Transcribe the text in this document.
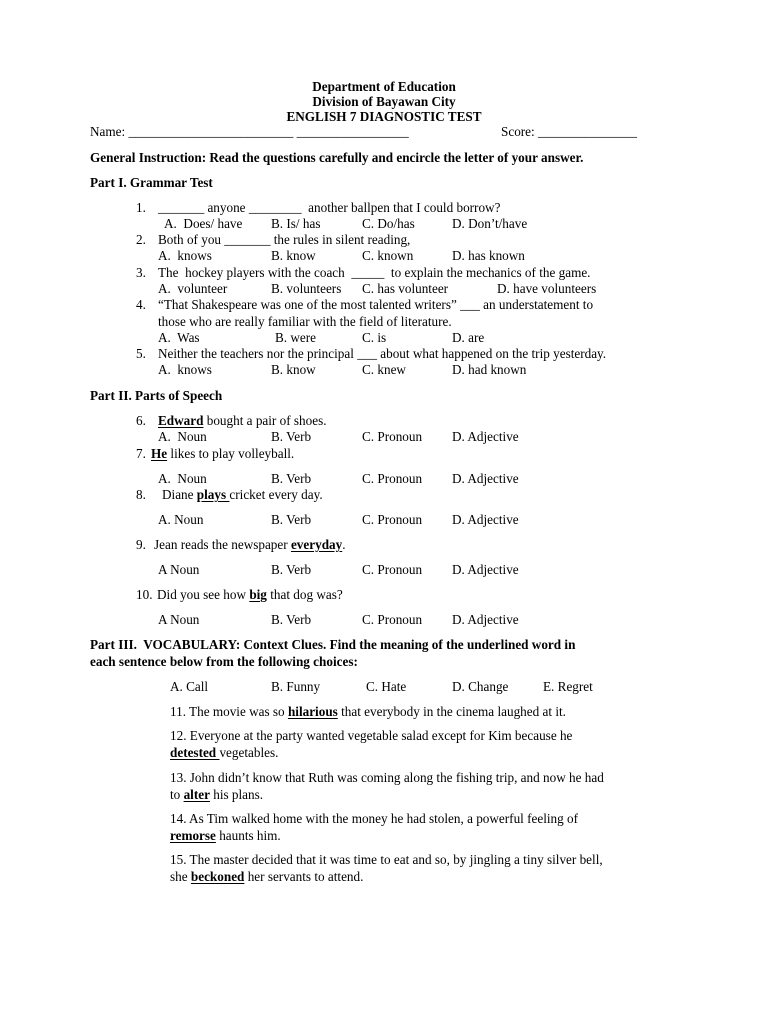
Department of Education
Division of Bayawan City
ENGLISH 7 DIAGNOSTIC TEST
Name: _________________________ _________________	Score: _______________
General Instruction: Read the questions carefully and encircle the letter of your answer.
Part I. Grammar Test
1. _______ anyone ________  another ballpen that I could borrow?
A.  Does/ have B. Is/ has	C. Do/has	D. Don’t/have
2. Both of you _______ the rules in silent reading,
A.  knows	B. know	C. known	D. has known
3. The  hockey players with the coach  _____  to explain the mechanics of the game.
A.  volunteer	B. volunteers C. has volunteer	D. have volunteers
4. “That Shakespeare was one of the most talented writers” ___ an understatement to
those who are really familiar with the field of literature.
A.  Was	B. were	C. is	D. are
5. Neither the teachers nor the principal ___ about what happened on the trip yesterday.
A.  knows	B. know	C. knew	D. had known
Part II. Parts of Speech
6. Edward bought a pair of shoes.
A.  Noun	B. Verb	C. Pronoun D. Adjective
7. He likes to play volleyball.
A.  Noun	B. Verb	C. Pronoun D. Adjective
8. Diane plays cricket every day.
A. Noun	B. Verb	C. Pronoun D. Adjective
9. Jean reads the newspaper everyday.
A Noun	B. Verb	C. Pronoun D. Adjective
10. Did you see how big that dog was?
A Noun	B. Verb	C. Pronoun D. Adjective
Part III.  VOCABULARY: Context Clues. Find the meaning of the underlined word in
each sentence below from the following choices:
A. Call	B. Funny	C. Hate	D. Change	E. Regret
11. The movie was so hilarious that everybody in the cinema laughed at it.
12. Everyone at the party wanted vegetable salad except for Kim because he
detested vegetables.
13. John didn’t know that Ruth was coming along the fishing trip, and now he had
to alter his plans.
14. As Tim walked home with the money he had stolen, a powerful feeling of
remorse haunts him.
15. The master decided that it was time to eat and so, by jingling a tiny silver bell,
she beckoned her servants to attend.
